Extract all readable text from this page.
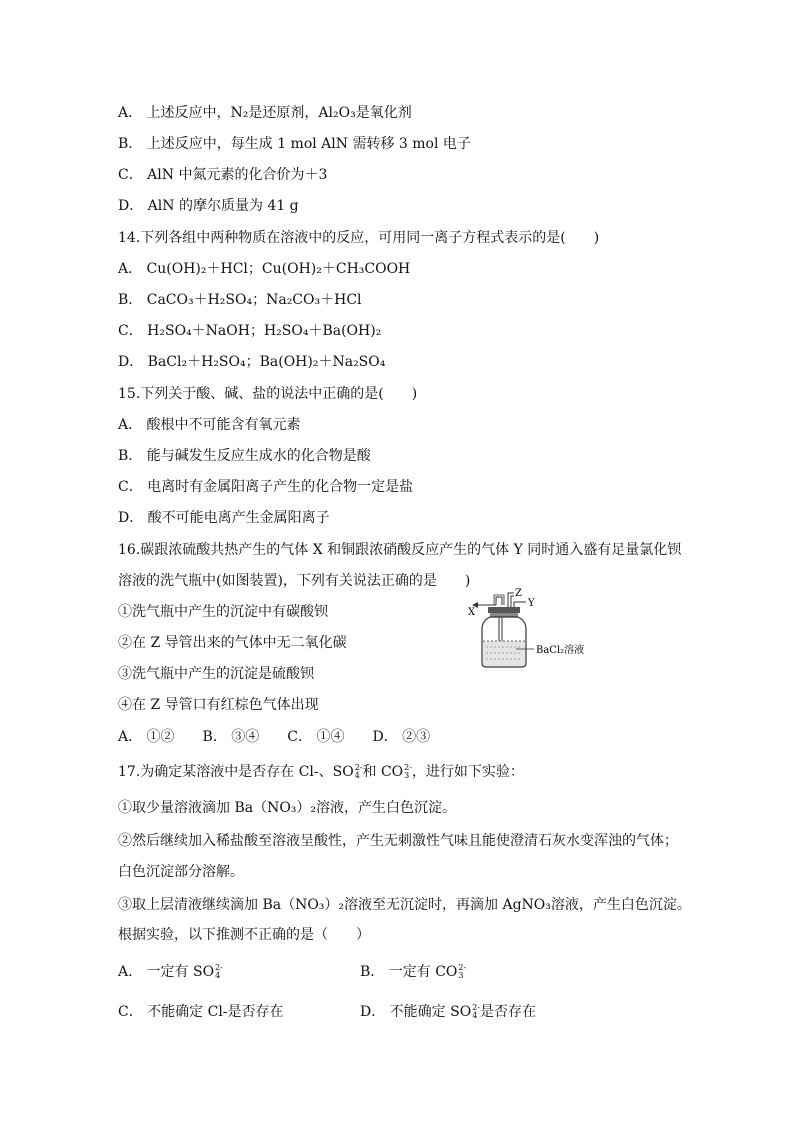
A． 上述反应中，N₂是还原剂，Al₂O₃是氧化剂
B． 上述反应中，每生成 1 mol AlN 需转移 3 mol 电子
C． AlN 中氮元素的化合价为＋3
D． AlN 的摩尔质量为 41 g
14.下列各组中两种物质在溶液中的反应，可用同一离子方程式表示的是(　　)
A． Cu(OH)₂＋HCl；Cu(OH)₂＋CH₃COOH
B． CaCO₃＋H₂SO₄；Na₂CO₃＋HCl
C． H₂SO₄＋NaOH；H₂SO₄＋Ba(OH)₂
D． BaCl₂＋H₂SO₄；Ba(OH)₂＋Na₂SO₄
15.下列关于酸、碱、盐的说法中正确的是(　　)
A． 酸根中不可能含有氧元素
B． 能与碱发生反应生成水的化合物是酸
C． 电离时有金属阳离子产生的化合物一定是盐
D． 酸不可能电离产生金属阳离子
16.碳跟浓硫酸共热产生的气体 X 和铜跟浓硝酸反应产生的气体 Y 同时通入盛有足量氯化钡
溶液的洗气瓶中(如图装置)，下列有关说法正确的是　　)
①洗气瓶中产生的沉淀中有碳酸钡
②在 Z 导管出来的气体中无二氧化碳
③洗气瓶中产生的沉淀是硫酸钡
④在 Z 导管口有红棕色气体出现
A． ①②　　B． ③④　　C． ①④　　D． ②③
X
Z
Y
BaCl₂溶液
17.为确定某溶液中是否存在 Cl-、SO 2-
4 和 CO 2-
3 ，进行如下实验：
①取少量溶液滴加 Ba（NO₃）₂溶液，产生白色沉淀。
②然后继续加入稀盐酸至溶液呈酸性，产生无刺激性气味且能使澄清石灰水变浑浊的气体；
白色沉淀部分溶解。
③取上层清液继续滴加 Ba（NO₃）₂溶液至无沉淀时，再滴加 AgNO₃溶液，产生白色沉淀。
根据实验，以下推测不正确的是（　　）
A． 一定有 SO 2-
4	B． 一定有 CO 2-
3
C． 不能确定 Cl-是否存在	D． 不能确定 SO 2-
4 是否存在
